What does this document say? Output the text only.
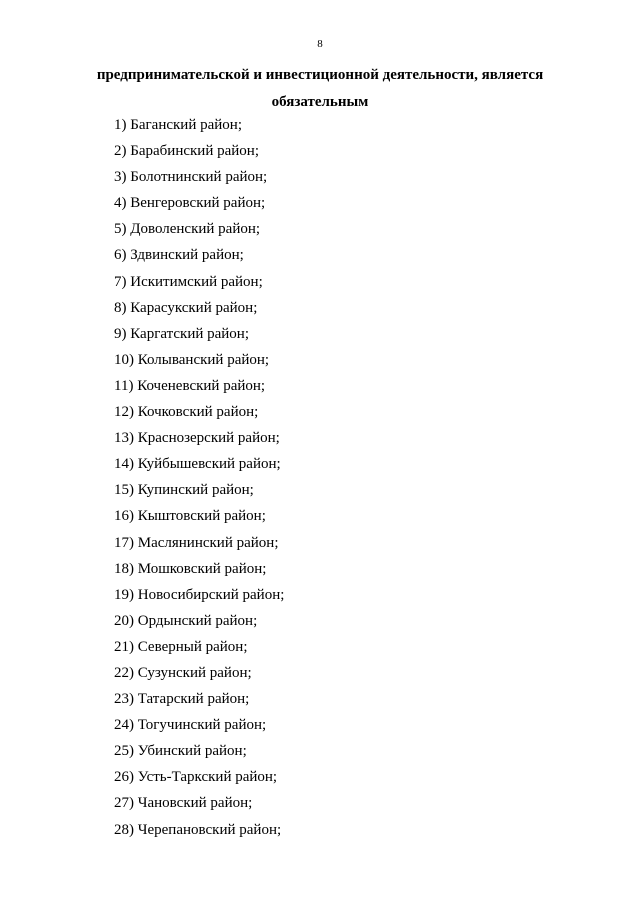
8

предпринимательской и инвестиционной деятельности, является обязательным

1) Баганский район;
2) Барабинский район;
3) Болотнинский район;
4) Венгеровский район;
5) Доволенский район;
6) Здвинский район;
7) Искитимский район;
8) Карасукский район;
9) Каргатский район;
10) Колыванский район;
11) Коченевский район;
12) Кочковский район;
13) Краснозерский район;
14) Куйбышевский район;
15) Купинский район;
16) Кыштовский район;
17) Маслянинский район;
18) Мошковский район;
19) Новосибирский район;
20) Ордынский район;
21) Северный район;
22) Сузунский район;
23) Татарский район;
24) Тогучинский район;
25) Убинский район;
26) Усть-Таркский район;
27) Чановский район;
28) Черепановский район;
